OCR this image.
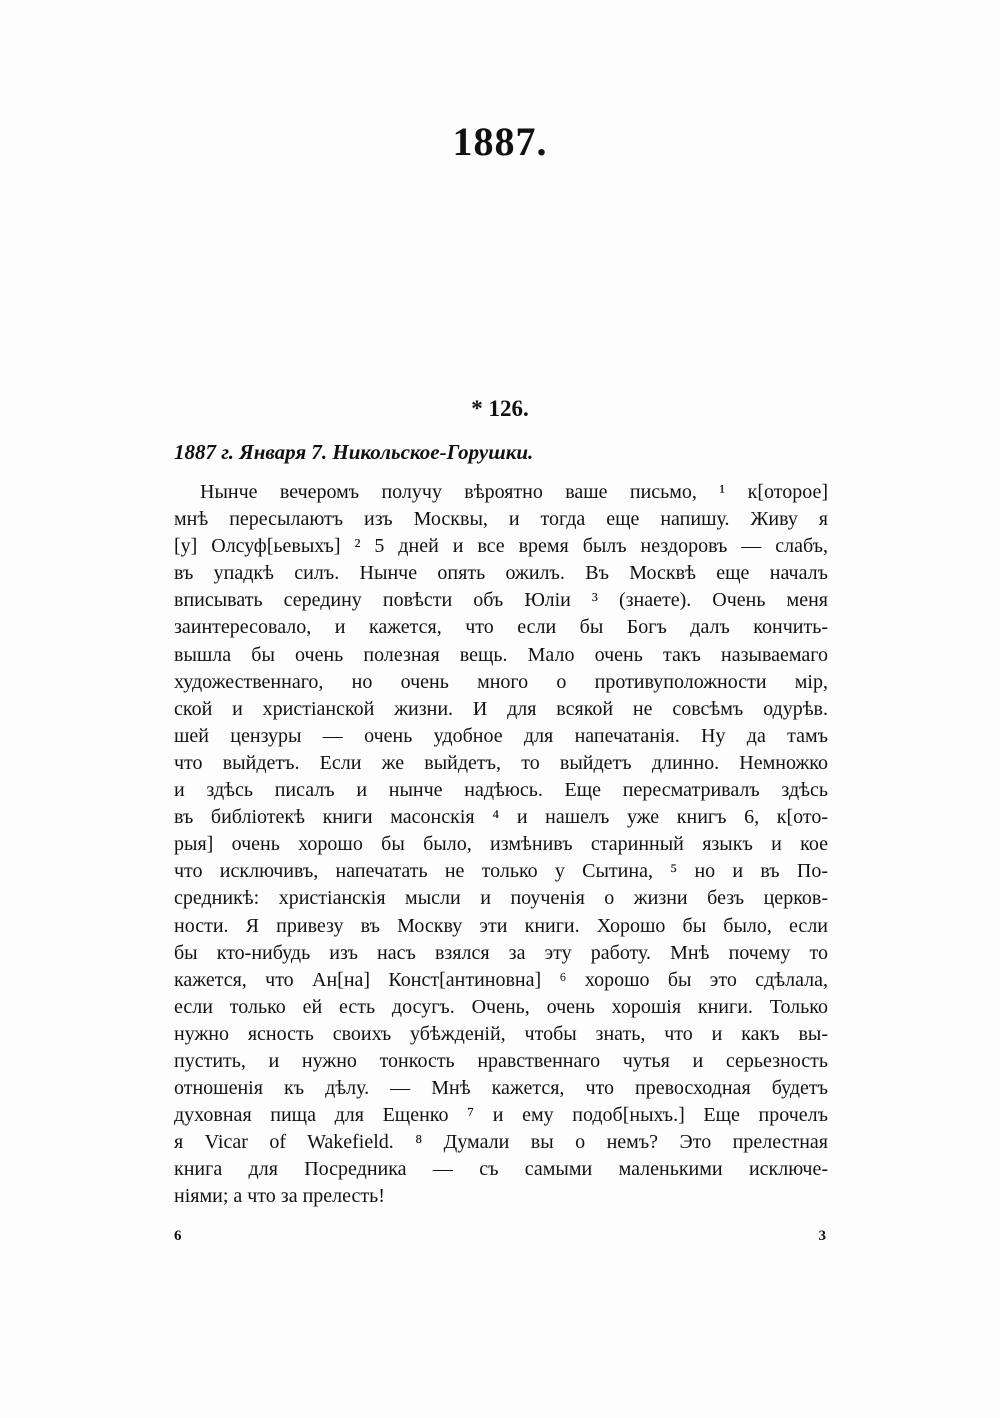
1887.
* 126.

1887 г. Января 7. Никольское-Горушки.

Нынче вечеромъ получу вѣроятно ваше письмо, ¹ к[оторое]
мнѣ пересылаютъ изъ Москвы, и тогда еще напишу. Живу я
[у] Олсуф[ьевыхъ] ² 5 дней и все время былъ нездоровъ — слабъ,
въ упадкѣ силъ. Нынче опять ожилъ. Въ Москвѣ еще началъ
вписывать середину повѣсти объ Юліи ³ (знаете). Очень меня
заинтересовало, и кажется, что если бы Богъ далъ кончить-
вышла бы очень полезная вещь. Мало очень такъ называемаго
художественнаго, но очень много о противуположности мір,
ской и христіанской жизни. И для всякой не совсѣмъ одурѣв.
шей цензуры — очень удобное для напечатанія. Ну да тамъ
что выйдетъ. Если же выйдетъ, то выйдетъ длинно. Немножко
и здѣсь писалъ и нынче надѣюсь. Еще пересматривалъ здѣсь
въ библіотекѣ книги масонскія ⁴ и нашелъ уже книгъ 6, к[ото-
рыя] очень хорошо бы было, измѣнивъ старинный языкъ и кое
что исключивъ, напечатать не только у Сытина, ⁵ но и въ По-
средникѣ: христіанскія мысли и поученія о жизни безъ церков-
ности. Я привезу въ Москву эти книги. Хорошо бы было, если
бы кто-нибудь изъ насъ взялся за эту работу. Мнѣ почему то
кажется, что Ан[на] Конст[антиновна] ⁶ хорошо бы это сдѣлала,
если только ей есть досугъ. Очень, очень хорошія книги. Только
нужно ясность своихъ убѣжденій, чтобы знать, что и какъ вы-
пустить, и нужно тонкость нравственнаго чутья и серьезность
отношенія къ дѣлу. — Мнѣ кажется, что превосходная будетъ
духовная пища для Ещенко ⁷ и ему подоб[ныхъ.] Еще прочелъ
я Vicar of Wakefield. ⁸ Думали вы о немъ? Это прелестная
книга для Посредника — съ самыми маленькими исключе-
ніями; а что за прелесть!
6	3
